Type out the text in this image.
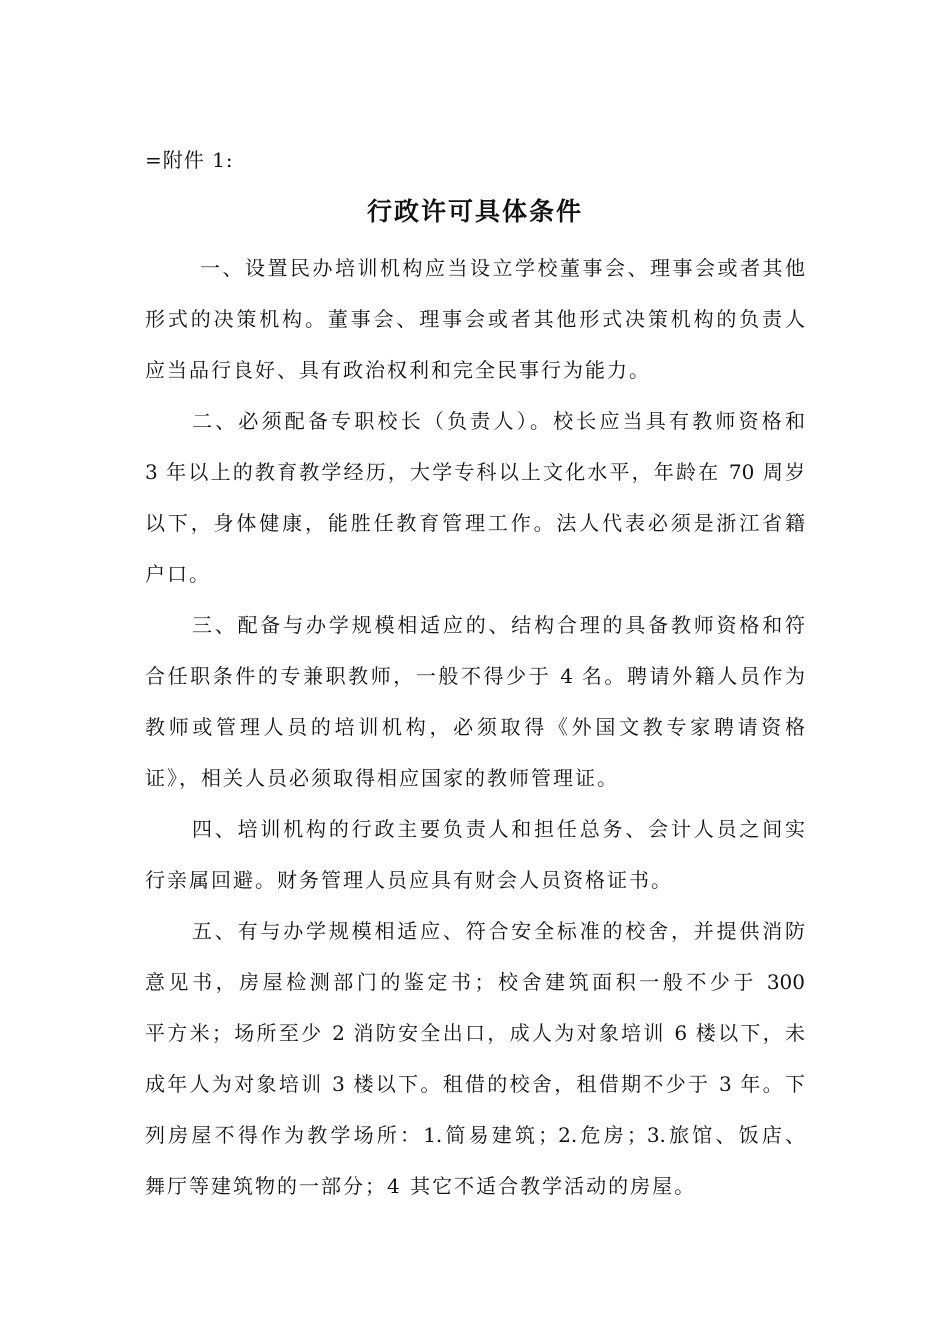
=附件 1:
行政许可具体条件
一、设置民办培训机构应当设立学校董事会、理事会或者其他
形式的决策机构。董事会、理事会或者其他形式决策机构的负责人
应当品行良好、具有政治权利和完全民事行为能力。
二、必须配备专职校长（负责人）。校长应当具有教师资格和
3 年以上的教育教学经历，大学专科以上文化水平，年龄在 70 周岁
以下，身体健康，能胜任教育管理工作。法人代表必须是浙江省籍
户口。
三、配备与办学规模相适应的、结构合理的具备教师资格和符
合任职条件的专兼职教师，一般不得少于 4 名。聘请外籍人员作为
教师或管理人员的培训机构，必须取得《外国文教专家聘请资格
证》，相关人员必须取得相应国家的教师管理证。
四、培训机构的行政主要负责人和担任总务、会计人员之间实
行亲属回避。财务管理人员应具有财会人员资格证书。
五、有与办学规模相适应、符合安全标准的校舍，并提供消防
意见书，房屋检测部门的鉴定书；校舍建筑面积一般不少于 300
平方米；场所至少 2 消防安全出口，成人为对象培训 6 楼以下，未
成年人为对象培训 3 楼以下。租借的校舍，租借期不少于 3 年。下
列房屋不得作为教学场所：1.简易建筑；2.危房；3.旅馆、饭店、
舞厅等建筑物的一部分；4 其它不适合教学活动的房屋。
